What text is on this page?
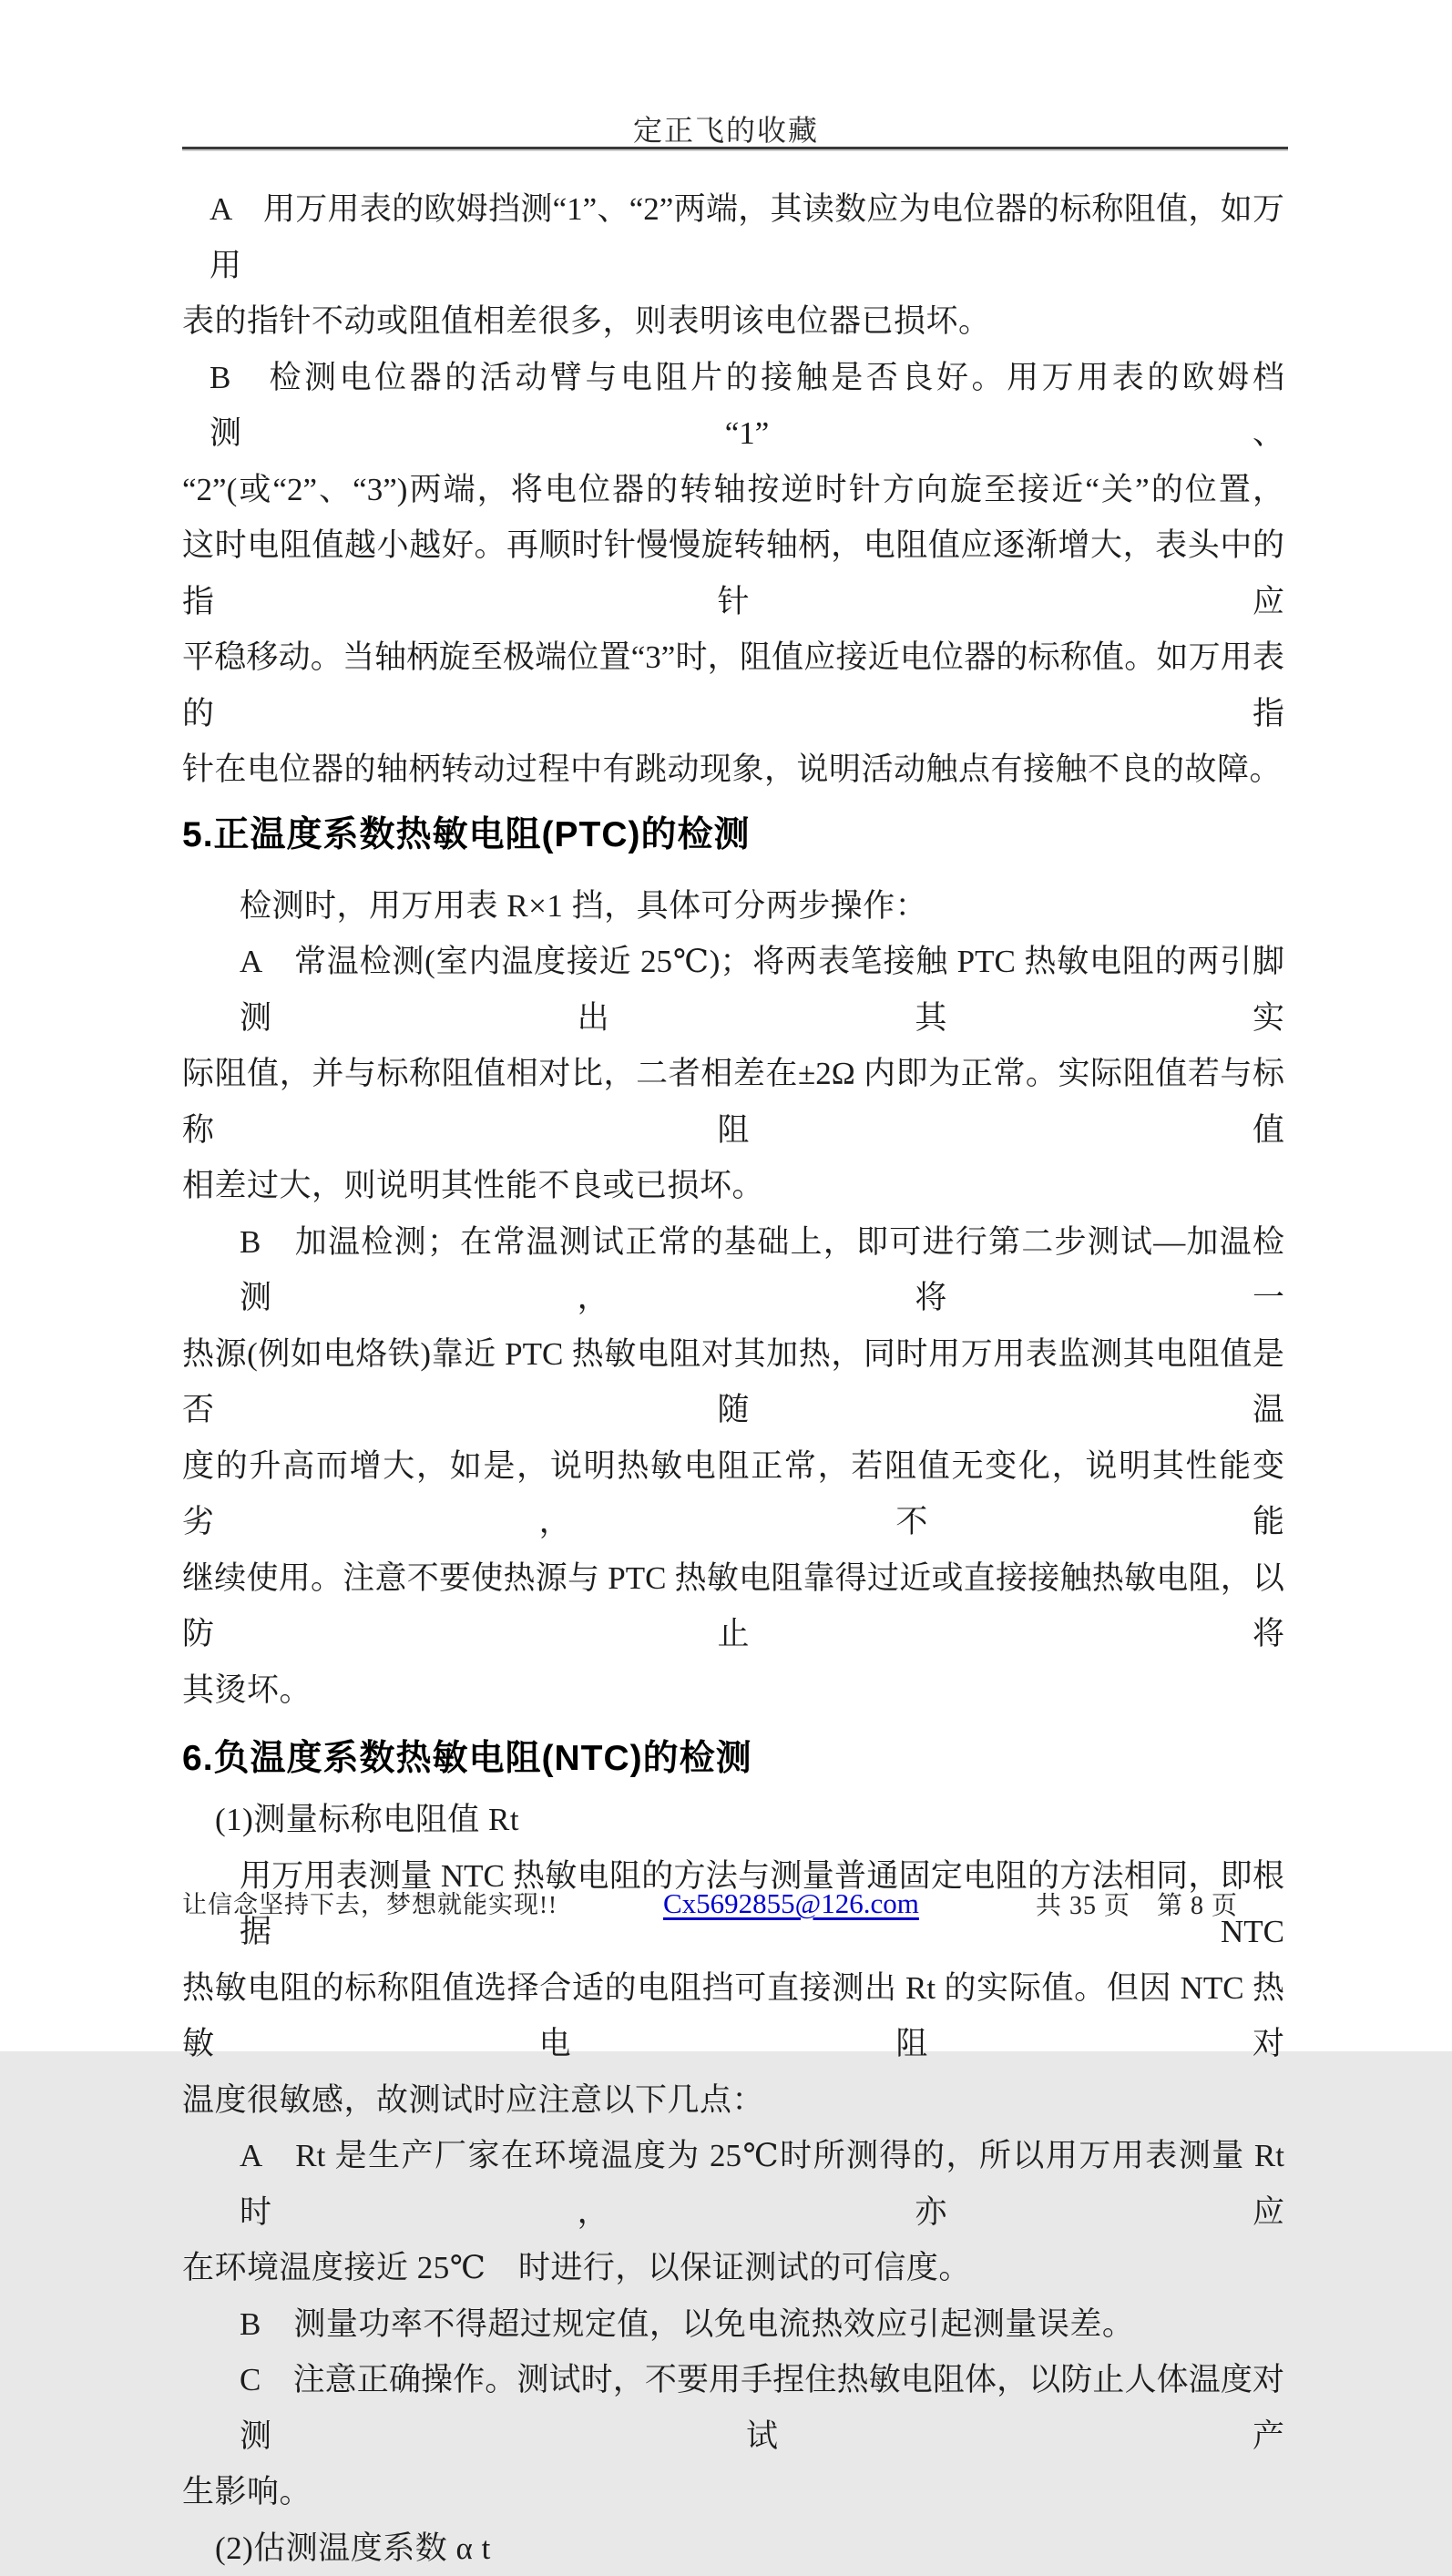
定正飞的收藏
A　用万用表的欧姆挡测“1”、“2”两端，其读数应为电位器的标称阻值，如万用
表的指针不动或阻值相差很多，则表明该电位器已损坏。
B　检测电位器的活动臂与电阻片的接触是否良好。用万用表的欧姆档测“1”、
“2”(或“2”、“3”)两端，将电位器的转轴按逆时针方向旋至接近“关”的位置，
这时电阻值越小越好。再顺时针慢慢旋转轴柄，电阻值应逐渐增大，表头中的指针应
平稳移动。当轴柄旋至极端位置“3”时，阻值应接近电位器的标称值。如万用表的指
针在电位器的轴柄转动过程中有跳动现象，说明活动触点有接触不良的故障。
5.正温度系数热敏电阻(PTC)的检测
检测时，用万用表 R×1 挡，具体可分两步操作：
A　常温检测(室内温度接近 25℃)；将两表笔接触 PTC 热敏电阻的两引脚测出其实
际阻值，并与标称阻值相对比，二者相差在±2Ω 内即为正常。实际阻值若与标称阻值
相差过大，则说明其性能不良或已损坏。
B　加温检测；在常温测试正常的基础上，即可进行第二步测试—加温检测，将一
热源(例如电烙铁)靠近 PTC 热敏电阻对其加热，同时用万用表监测其电阻值是否随温
度的升高而增大，如是，说明热敏电阻正常，若阻值无变化，说明其性能变劣，不能
继续使用。注意不要使热源与 PTC 热敏电阻靠得过近或直接接触热敏电阻，以防止将
其烫坏。
6.负温度系数热敏电阻(NTC)的检测
(1)测量标称电阻值 Rt
用万用表测量 NTC 热敏电阻的方法与测量普通固定电阻的方法相同，即根据 NTC
热敏电阻的标称阻值选择合适的电阻挡可直接测出 Rt 的实际值。但因 NTC 热敏电阻对
温度很敏感，故测试时应注意以下几点：
A　Rt 是生产厂家在环境温度为 25℃时所测得的，所以用万用表测量 Rt 时，亦应
在环境温度接近 25℃　时进行，以保证测试的可信度。
B　测量功率不得超过规定值，以免电流热效应引起测量误差。
C　注意正确操作。测试时，不要用手捏住热敏电阻体，以防止人体温度对测试产
生影响。
(2)估测温度系数 α t
让信念坚持下去，梦想就能实现!!	Cx5692855@126.com	共 35 页　第 8 页
